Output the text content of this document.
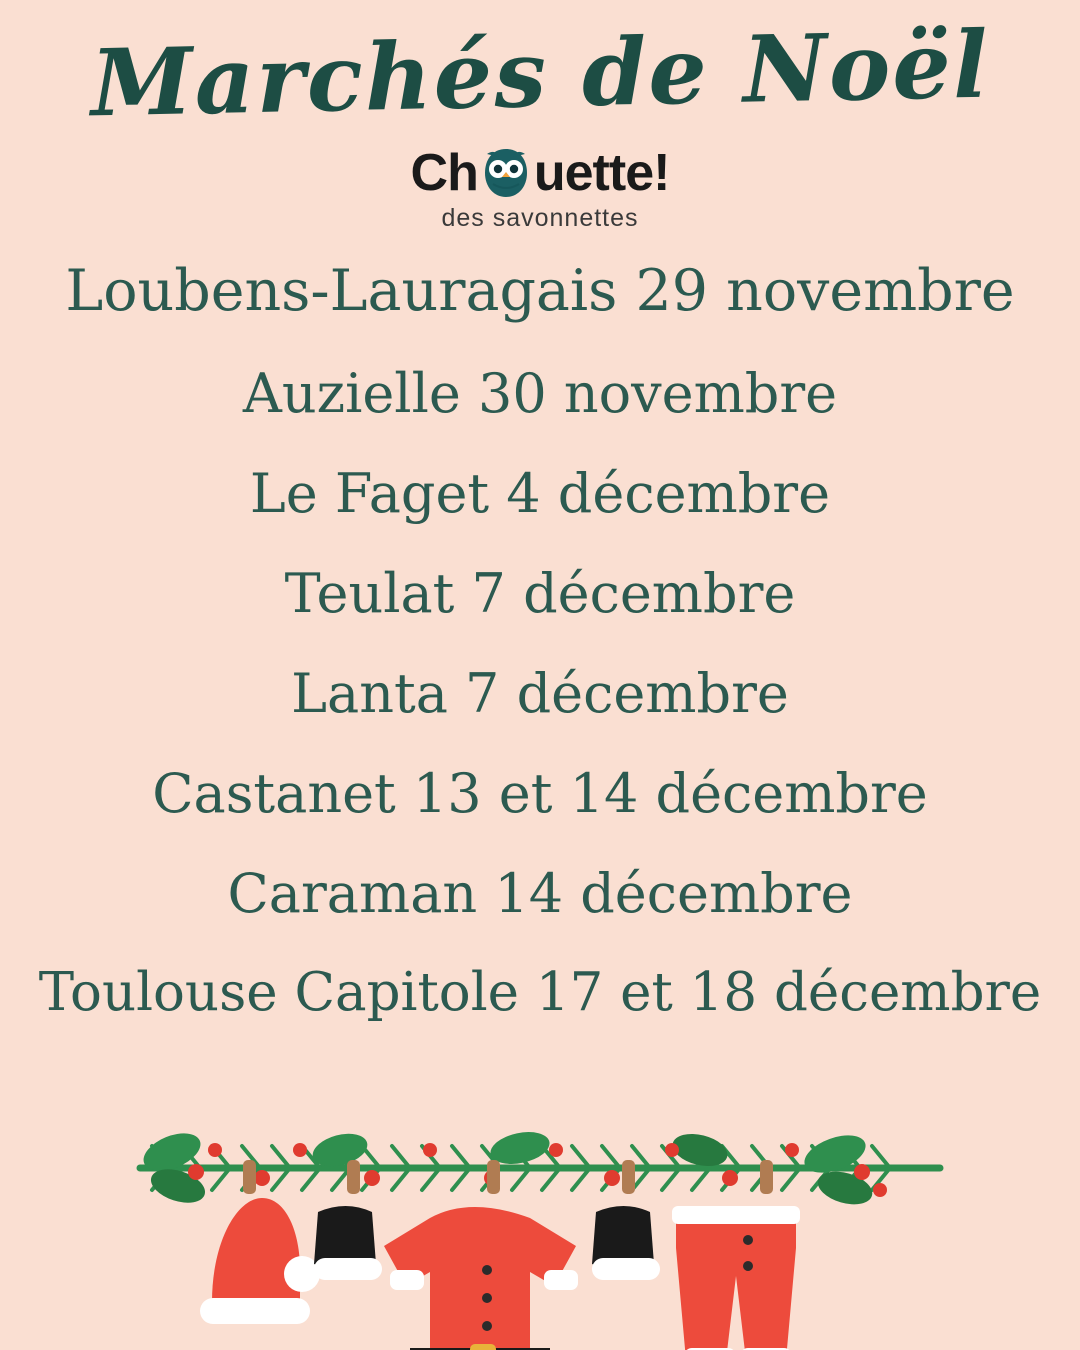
Marchés de Noël
Ch uette!
des savonnettes
Loubens-Lauragais 29 novembre
Auzielle 30 novembre
Le Faget 4 décembre
Teulat 7 décembre
Lanta 7 décembre
Castanet 13 et 14 décembre
Caraman 14 décembre
Toulouse Capitole 17 et 18 décembre
